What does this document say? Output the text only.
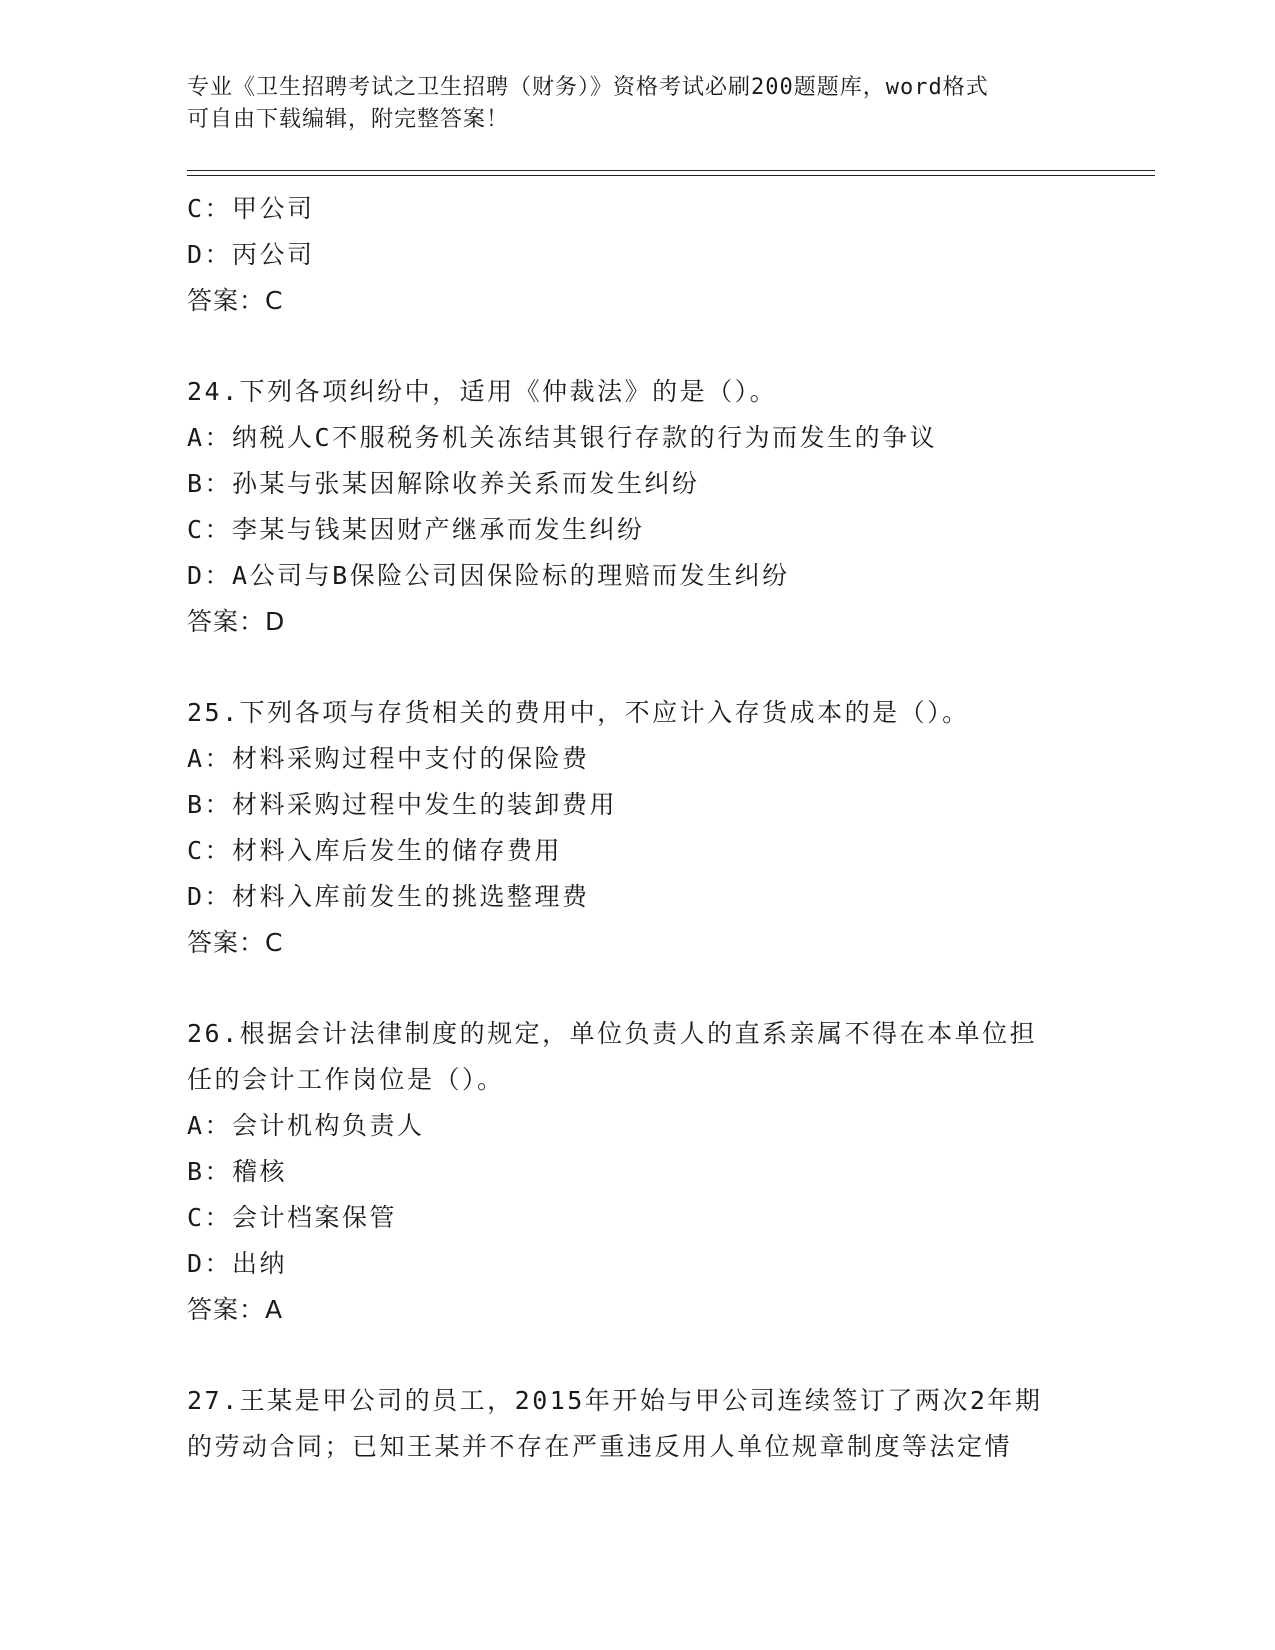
专业《卫生招聘考试之卫生招聘（财务）》资格考试必刷200题题库，word格式
可自由下载编辑，附完整答案！
C：甲公司
D：丙公司
答案：C
24.下列各项纠纷中，适用《仲裁法》的是（）。
A：纳税人C不服税务机关冻结其银行存款的行为而发生的争议
B：孙某与张某因解除收养关系而发生纠纷
C：李某与钱某因财产继承而发生纠纷
D：A公司与B保险公司因保险标的理赔而发生纠纷
答案：D
25.下列各项与存货相关的费用中，不应计入存货成本的是（）。
A：材料采购过程中支付的保险费
B：材料采购过程中发生的装卸费用
C：材料入库后发生的储存费用
D：材料入库前发生的挑选整理费
答案：C
26.根据会计法律制度的规定，单位负责人的直系亲属不得在本单位担
任的会计工作岗位是（）。
A：会计机构负责人
B：稽核
C：会计档案保管
D：出纳
答案：A
27.王某是甲公司的员工，2015年开始与甲公司连续签订了两次2年期
的劳动合同；已知王某并不存在严重违反用人单位规章制度等法定情
